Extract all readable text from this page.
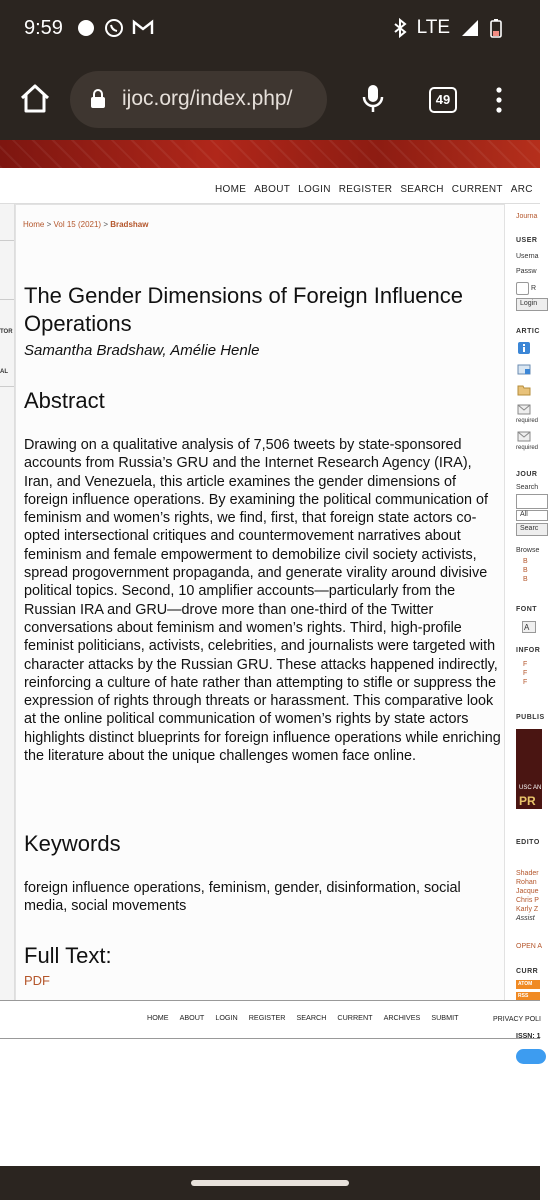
9:59	LTE
ijoc.org/index.php/	49
HOME ABOUT LOGIN REGISTER SEARCH CURRENT ARC
TOR
AL
Home > Vol 15 (2021) > Bradshaw
The Gender Dimensions of Foreign Influence Operations
Samantha Bradshaw, Amélie Henle
Abstract
Drawing on a qualitative analysis of 7,506 tweets by state-sponsored accounts from Russia’s GRU and the Internet Research Agency (IRA), Iran, and Venezuela, this article examines the gender dimensions of foreign influence operations. By examining the political communication of feminism and women’s rights, we find, first, that foreign state actors co-opted intersectional critiques and countermovement narratives about feminism and female empowerment to demobilize civil society activists, spread progovernment propaganda, and generate virality around divisive political topics. Second, 10 amplifier accounts—particularly from the Russian IRA and GRU—drove more than one-third of the Twitter conversations about feminism and women’s rights. Third, high-profile feminist politicians, activists, celebrities, and journalists were targeted with character attacks by the Russian GRU. These attacks happened indirectly, reinforcing a culture of hate rather than attempting to stifle or suppress the expression of rights through threats or harassment. This comparative look at the online political communication of women’s rights by state actors highlights distinct blueprints for foreign influence operations while enriching the literature about the unique challenges women face online.
Keywords
foreign influence operations, feminism, gender, disinformation, social media, social movements
Full Text:
PDF
Journa
USER
Userna
Passw
R
Login
ARTIC
required
required
JOUR
Search
All
Searc
Browse
B
B
B
FONT
A
INFOR
F
F
F
PUBLIS
USC AN
PR
EDITO
Shader
Rohan
Jacque
Chris P
Karly Z
Assist
OPEN A
CURR
ATOM
RSS
HOME ABOUT LOGIN REGISTER SEARCH CURRENT ARCHIVES SUBMIT	PRIVACY POLI
ISSN: 1
